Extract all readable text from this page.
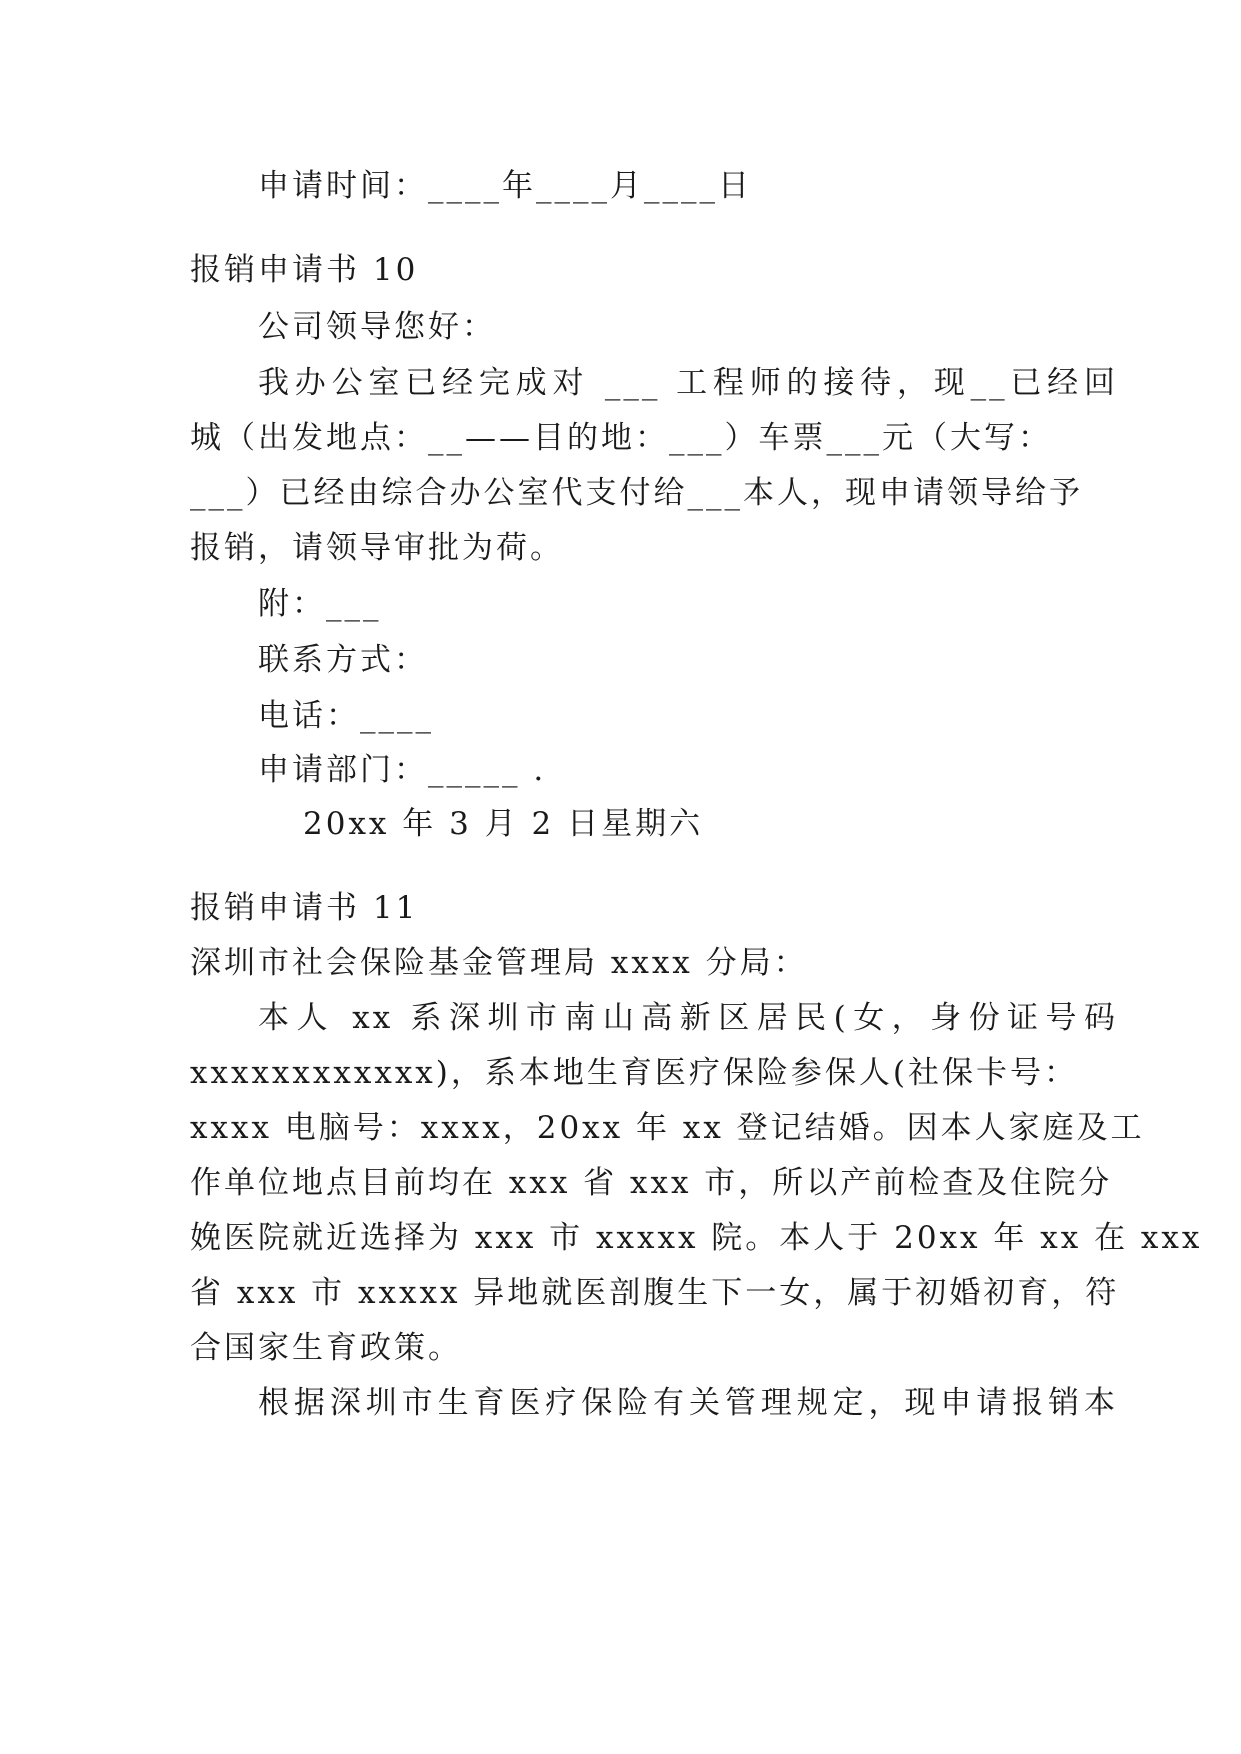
申请时间：____年____月____日
报销申请书 10
公司领导您好：
我办公室已经完成对 ___ 工程师的接待，现__已经回
城（出发地点：__——目的地：___）车票___元（大写：
___）已经由综合办公室代支付给___本人，现申请领导给予
报销，请领导审批为荷。
附：___
联系方式：
电话：____
申请部门：_____ .
20xx 年 3 月 2 日星期六
报销申请书 11
深圳市社会保险基金管理局 xxxx 分局：
本人 xx 系深圳市南山高新区居民(女，身份证号码
xxxxxxxxxxxx)，系本地生育医疗保险参保人(社保卡号：
xxxx 电脑号：xxxx，20xx 年 xx 登记结婚。因本人家庭及工
作单位地点目前均在 xxx 省 xxx 市，所以产前检查及住院分
娩医院就近选择为 xxx 市 xxxxx 院。本人于 20xx 年 xx 在 xxx
省 xxx 市 xxxxx 异地就医剖腹生下一女，属于初婚初育，符
合国家生育政策。
根据深圳市生育医疗保险有关管理规定，现申请报销本
